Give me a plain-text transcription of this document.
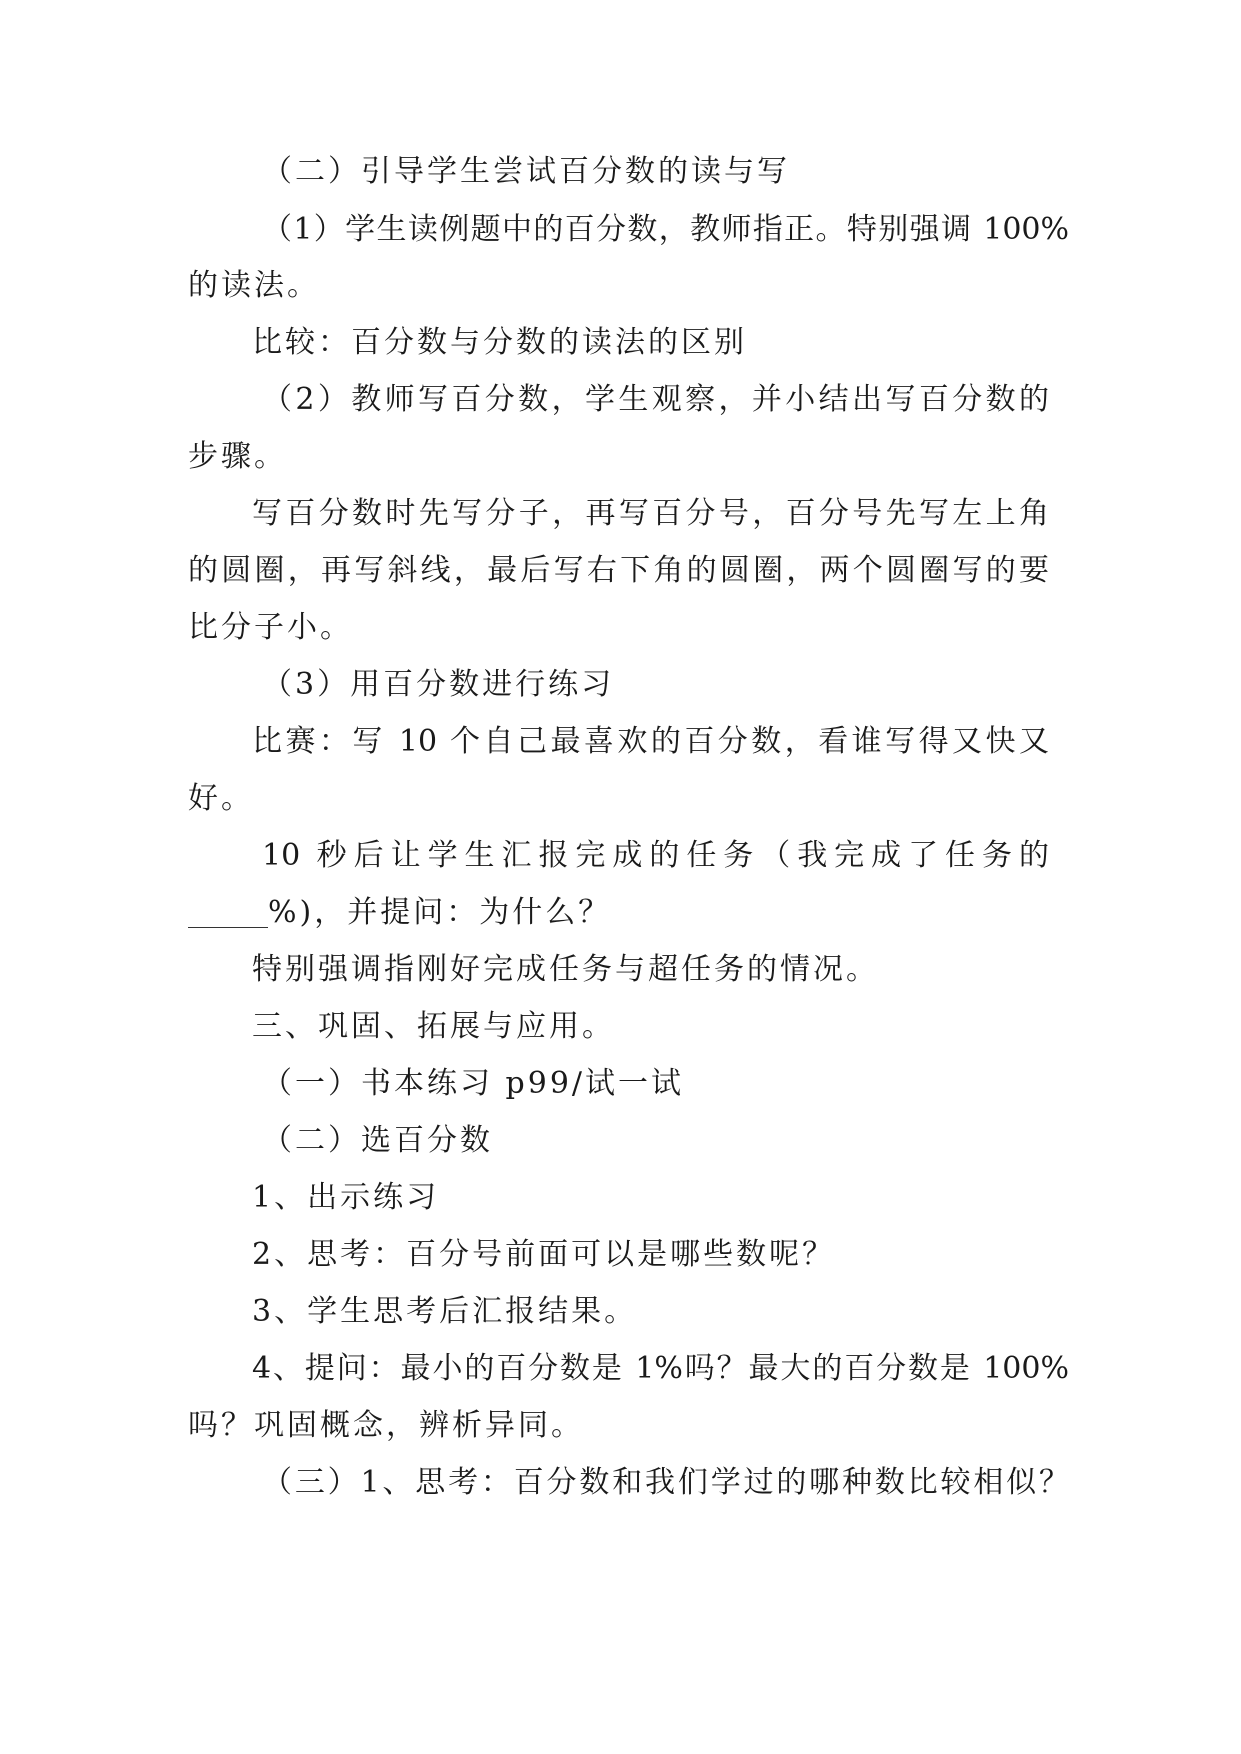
（二）引导学生尝试百分数的读与写
（1）学生读例题中的百分数，教师指正。特别强调 100%
的读法。
比较：百分数与分数的读法的区别
（2）教师写百分数，学生观察，并小结出写百分数的
步骤。
写百分数时先写分子，再写百分号，百分号先写左上角
的圆圈，再写斜线，最后写右下角的圆圈，两个圆圈写的要
比分子小。
（3）用百分数进行练习
比赛：写 10 个自己最喜欢的百分数，看谁写得又快又
好。
10 秒后让学生汇报完成的任务（我完成了任务的
%)，并提问：为什么？
特别强调指刚好完成任务与超任务的情况。
三、巩固、拓展与应用。
（一）书本练习 p99/试一试
（二）选百分数
1、出示练习
2、思考：百分号前面可以是哪些数呢？
3、学生思考后汇报结果。
4、提问：最小的百分数是 1%吗？最大的百分数是 100%
吗？巩固概念，辨析异同。
（三）1、思考：百分数和我们学过的哪种数比较相似？
